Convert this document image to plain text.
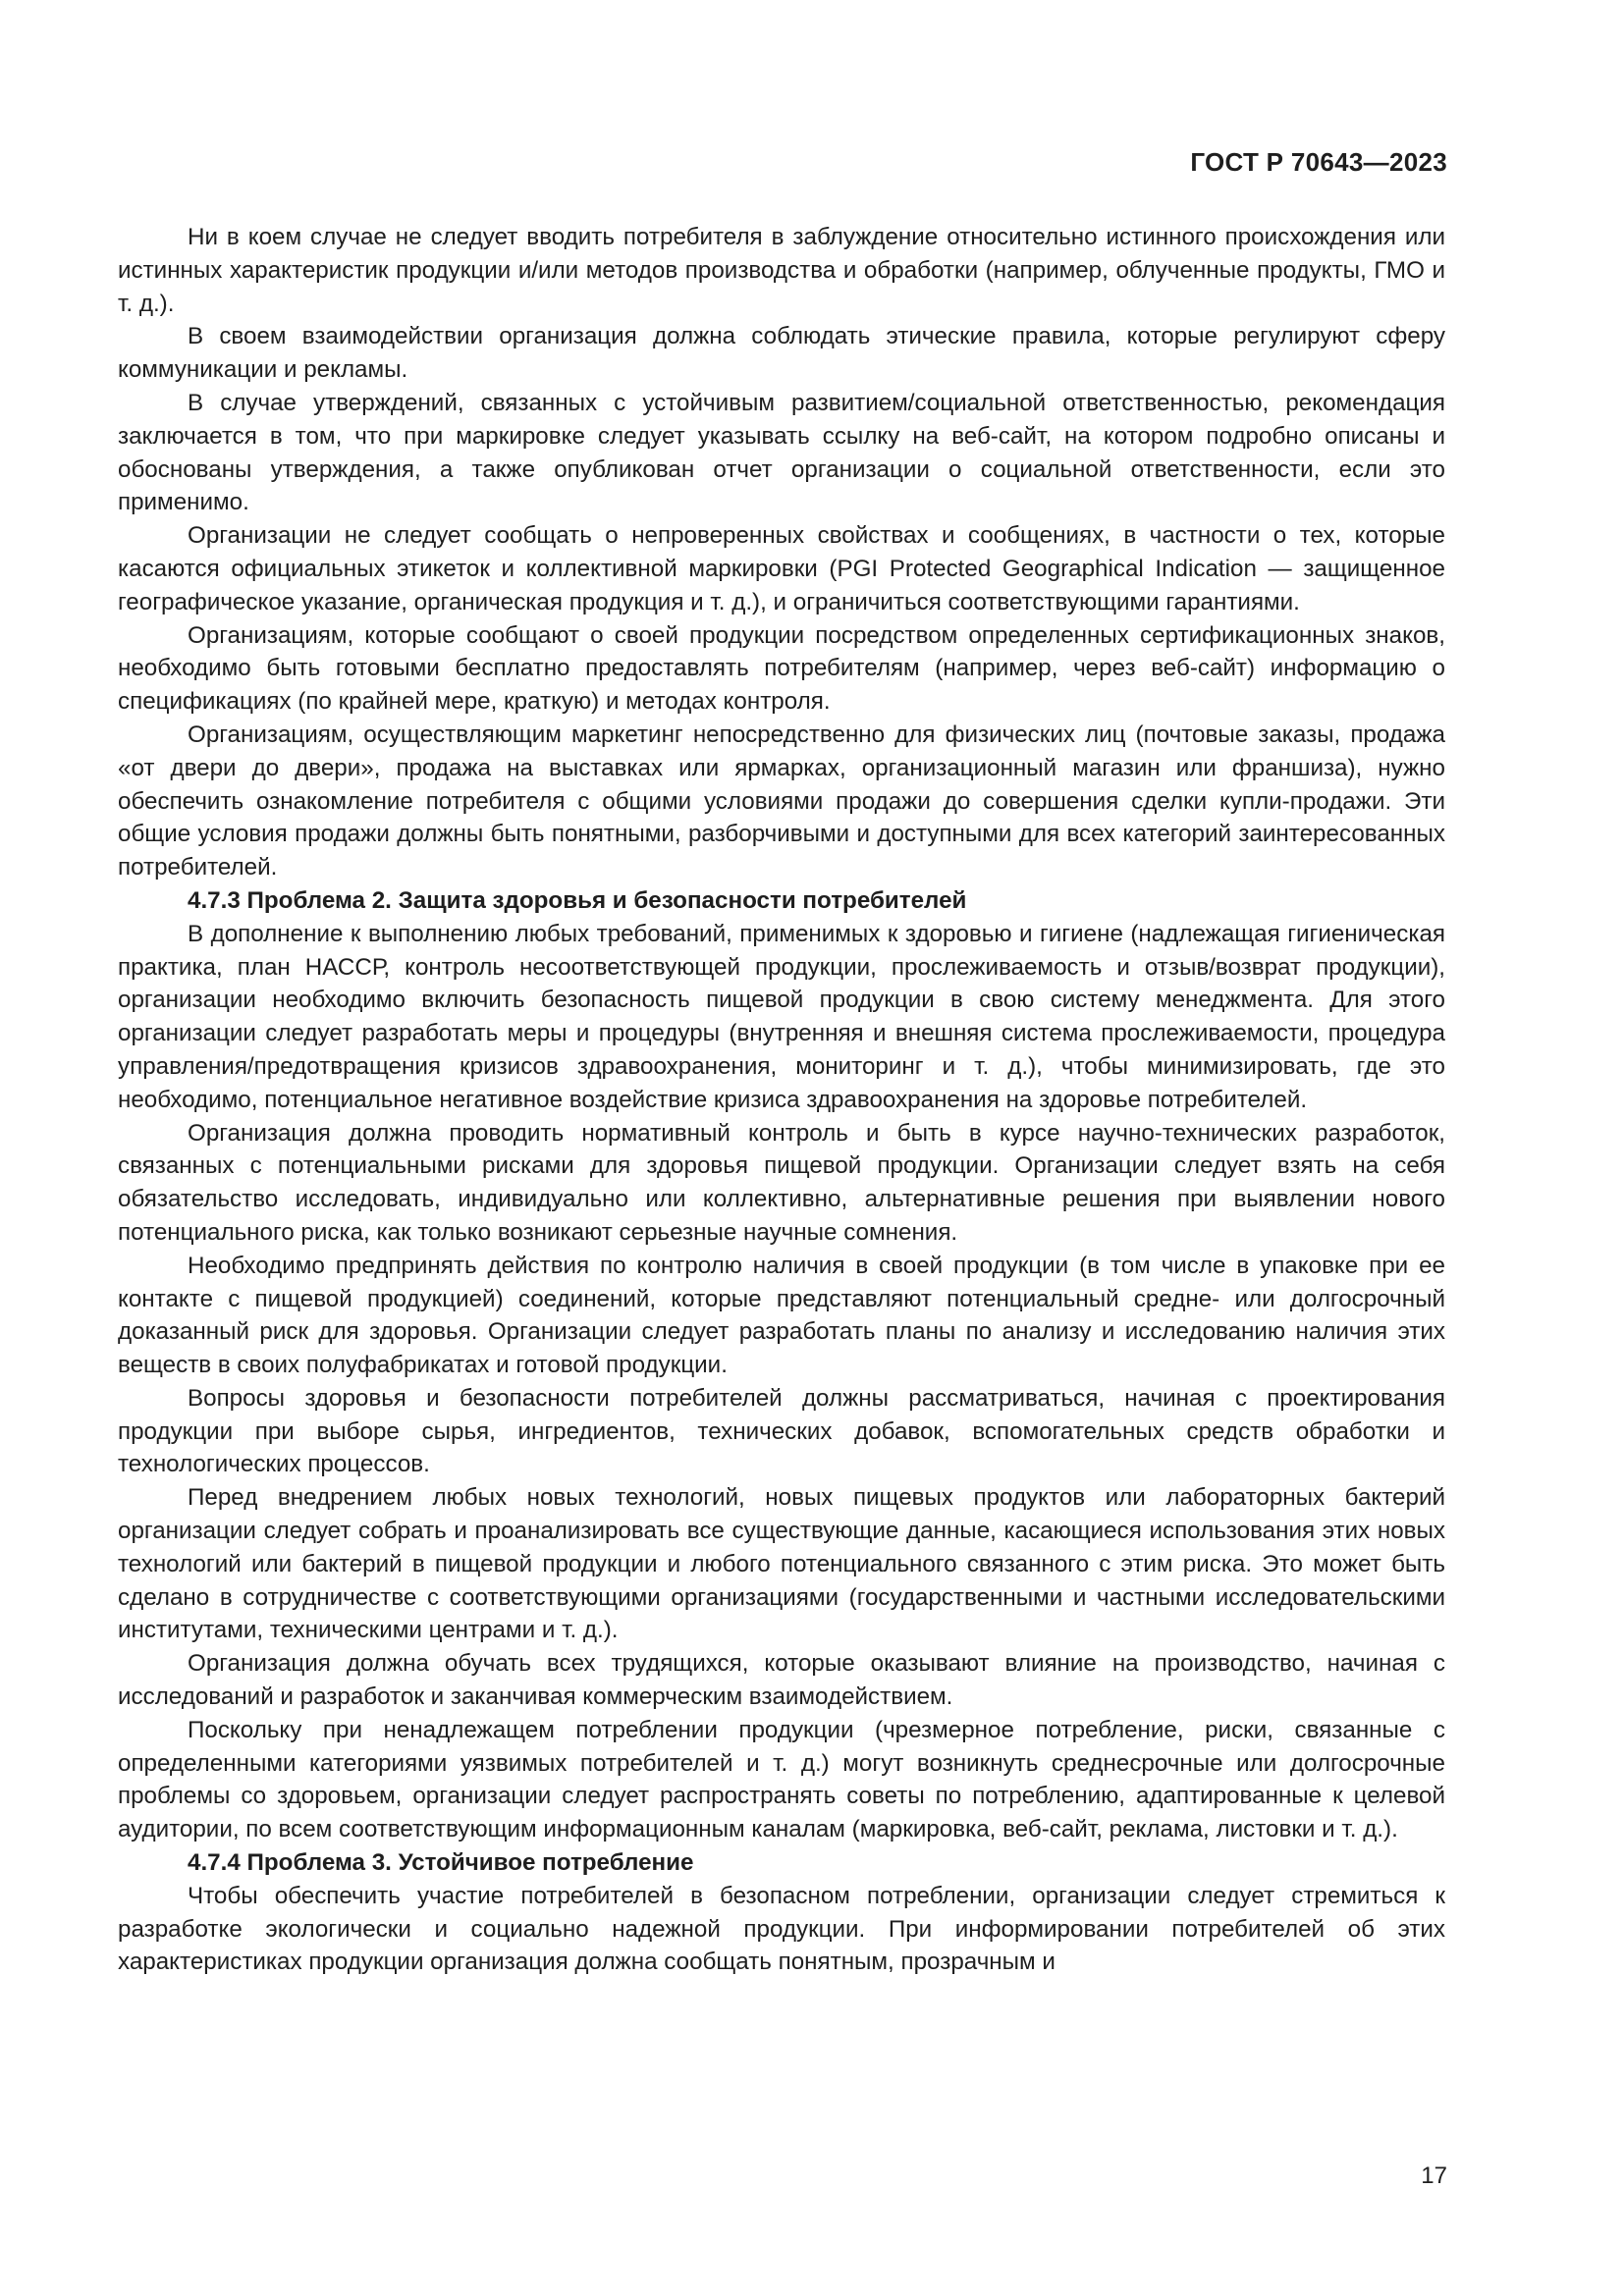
ГОСТ Р 70643—2023

Ни в коем случае не следует вводить потребителя в заблуждение относительно истинного происхождения или истинных характеристик продукции и/или методов производства и обработки (например, облученные продукты, ГМО и т. д.).

В своем взаимодействии организация должна соблюдать этические правила, которые регулируют сферу коммуникации и рекламы.

В случае утверждений, связанных с устойчивым развитием/социальной ответственностью, рекомендация заключается в том, что при маркировке следует указывать ссылку на веб-сайт, на котором подробно описаны и обоснованы утверждения, а также опубликован отчет организации о социальной ответственности, если это применимо.

Организации не следует сообщать о непроверенных свойствах и сообщениях, в частности о тех, которые касаются официальных этикеток и коллективной маркировки (PGI Protected Geographical Indication — защищенное географическое указание, органическая продукция и т. д.), и ограничиться соответствующими гарантиями.

Организациям, которые сообщают о своей продукции посредством определенных сертификационных знаков, необходимо быть готовыми бесплатно предоставлять потребителям (например, через веб-сайт) информацию о спецификациях (по крайней мере, краткую) и методах контроля.

Организациям, осуществляющим маркетинг непосредственно для физических лиц (почтовые заказы, продажа «от двери до двери», продажа на выставках или ярмарках, организационный магазин или франшиза), нужно обеспечить ознакомление потребителя с общими условиями продажи до совершения сделки купли-продажи. Эти общие условия продажи должны быть понятными, разборчивыми и доступными для всех категорий заинтересованных потребителей.

4.7.3 Проблема 2. Защита здоровья и безопасности потребителей

В дополнение к выполнению любых требований, применимых к здоровью и гигиене (надлежащая гигиеническая практика, план НАССР, контроль несоответствующей продукции, прослеживаемость и отзыв/возврат продукции), организации необходимо включить безопасность пищевой продукции в свою систему менеджмента. Для этого организации следует разработать меры и процедуры (внутренняя и внешняя система прослеживаемости, процедура управления/предотвращения кризисов здравоохранения, мониторинг и т. д.), чтобы минимизировать, где это необходимо, потенциальное негативное воздействие кризиса здравоохранения на здоровье потребителей.

Организация должна проводить нормативный контроль и быть в курсе научно-технических разработок, связанных с потенциальными рисками для здоровья пищевой продукции. Организации следует взять на себя обязательство исследовать, индивидуально или коллективно, альтернативные решения при выявлении нового потенциального риска, как только возникают серьезные научные сомнения.

Необходимо предпринять действия по контролю наличия в своей продукции (в том числе в упаковке при ее контакте с пищевой продукцией) соединений, которые представляют потенциальный средне- или долгосрочный доказанный риск для здоровья. Организации следует разработать планы по анализу и исследованию наличия этих веществ в своих полуфабрикатах и готовой продукции.

Вопросы здоровья и безопасности потребителей должны рассматриваться, начиная с проектирования продукции при выборе сырья, ингредиентов, технических добавок, вспомогательных средств обработки и технологических процессов.

Перед внедрением любых новых технологий, новых пищевых продуктов или лабораторных бактерий организации следует собрать и проанализировать все существующие данные, касающиеся использования этих новых технологий или бактерий в пищевой продукции и любого потенциального связанного с этим риска. Это может быть сделано в сотрудничестве с соответствующими организациями (государственными и частными исследовательскими институтами, техническими центрами и т. д.).

Организация должна обучать всех трудящихся, которые оказывают влияние на производство, начиная с исследований и разработок и заканчивая коммерческим взаимодействием.

Поскольку при ненадлежащем потреблении продукции (чрезмерное потребление, риски, связанные с определенными категориями уязвимых потребителей и т. д.) могут возникнуть среднесрочные или долгосрочные проблемы со здоровьем, организации следует распространять советы по потреблению, адаптированные к целевой аудитории, по всем соответствующим информационным каналам (маркировка, веб-сайт, реклама, листовки и т. д.).

4.7.4 Проблема 3. Устойчивое потребление

Чтобы обеспечить участие потребителей в безопасном потреблении, организации следует стремиться к разработке экологически и социально надежной продукции. При информировании потребителей об этих характеристиках продукции организация должна сообщать понятным, прозрачным и

17
